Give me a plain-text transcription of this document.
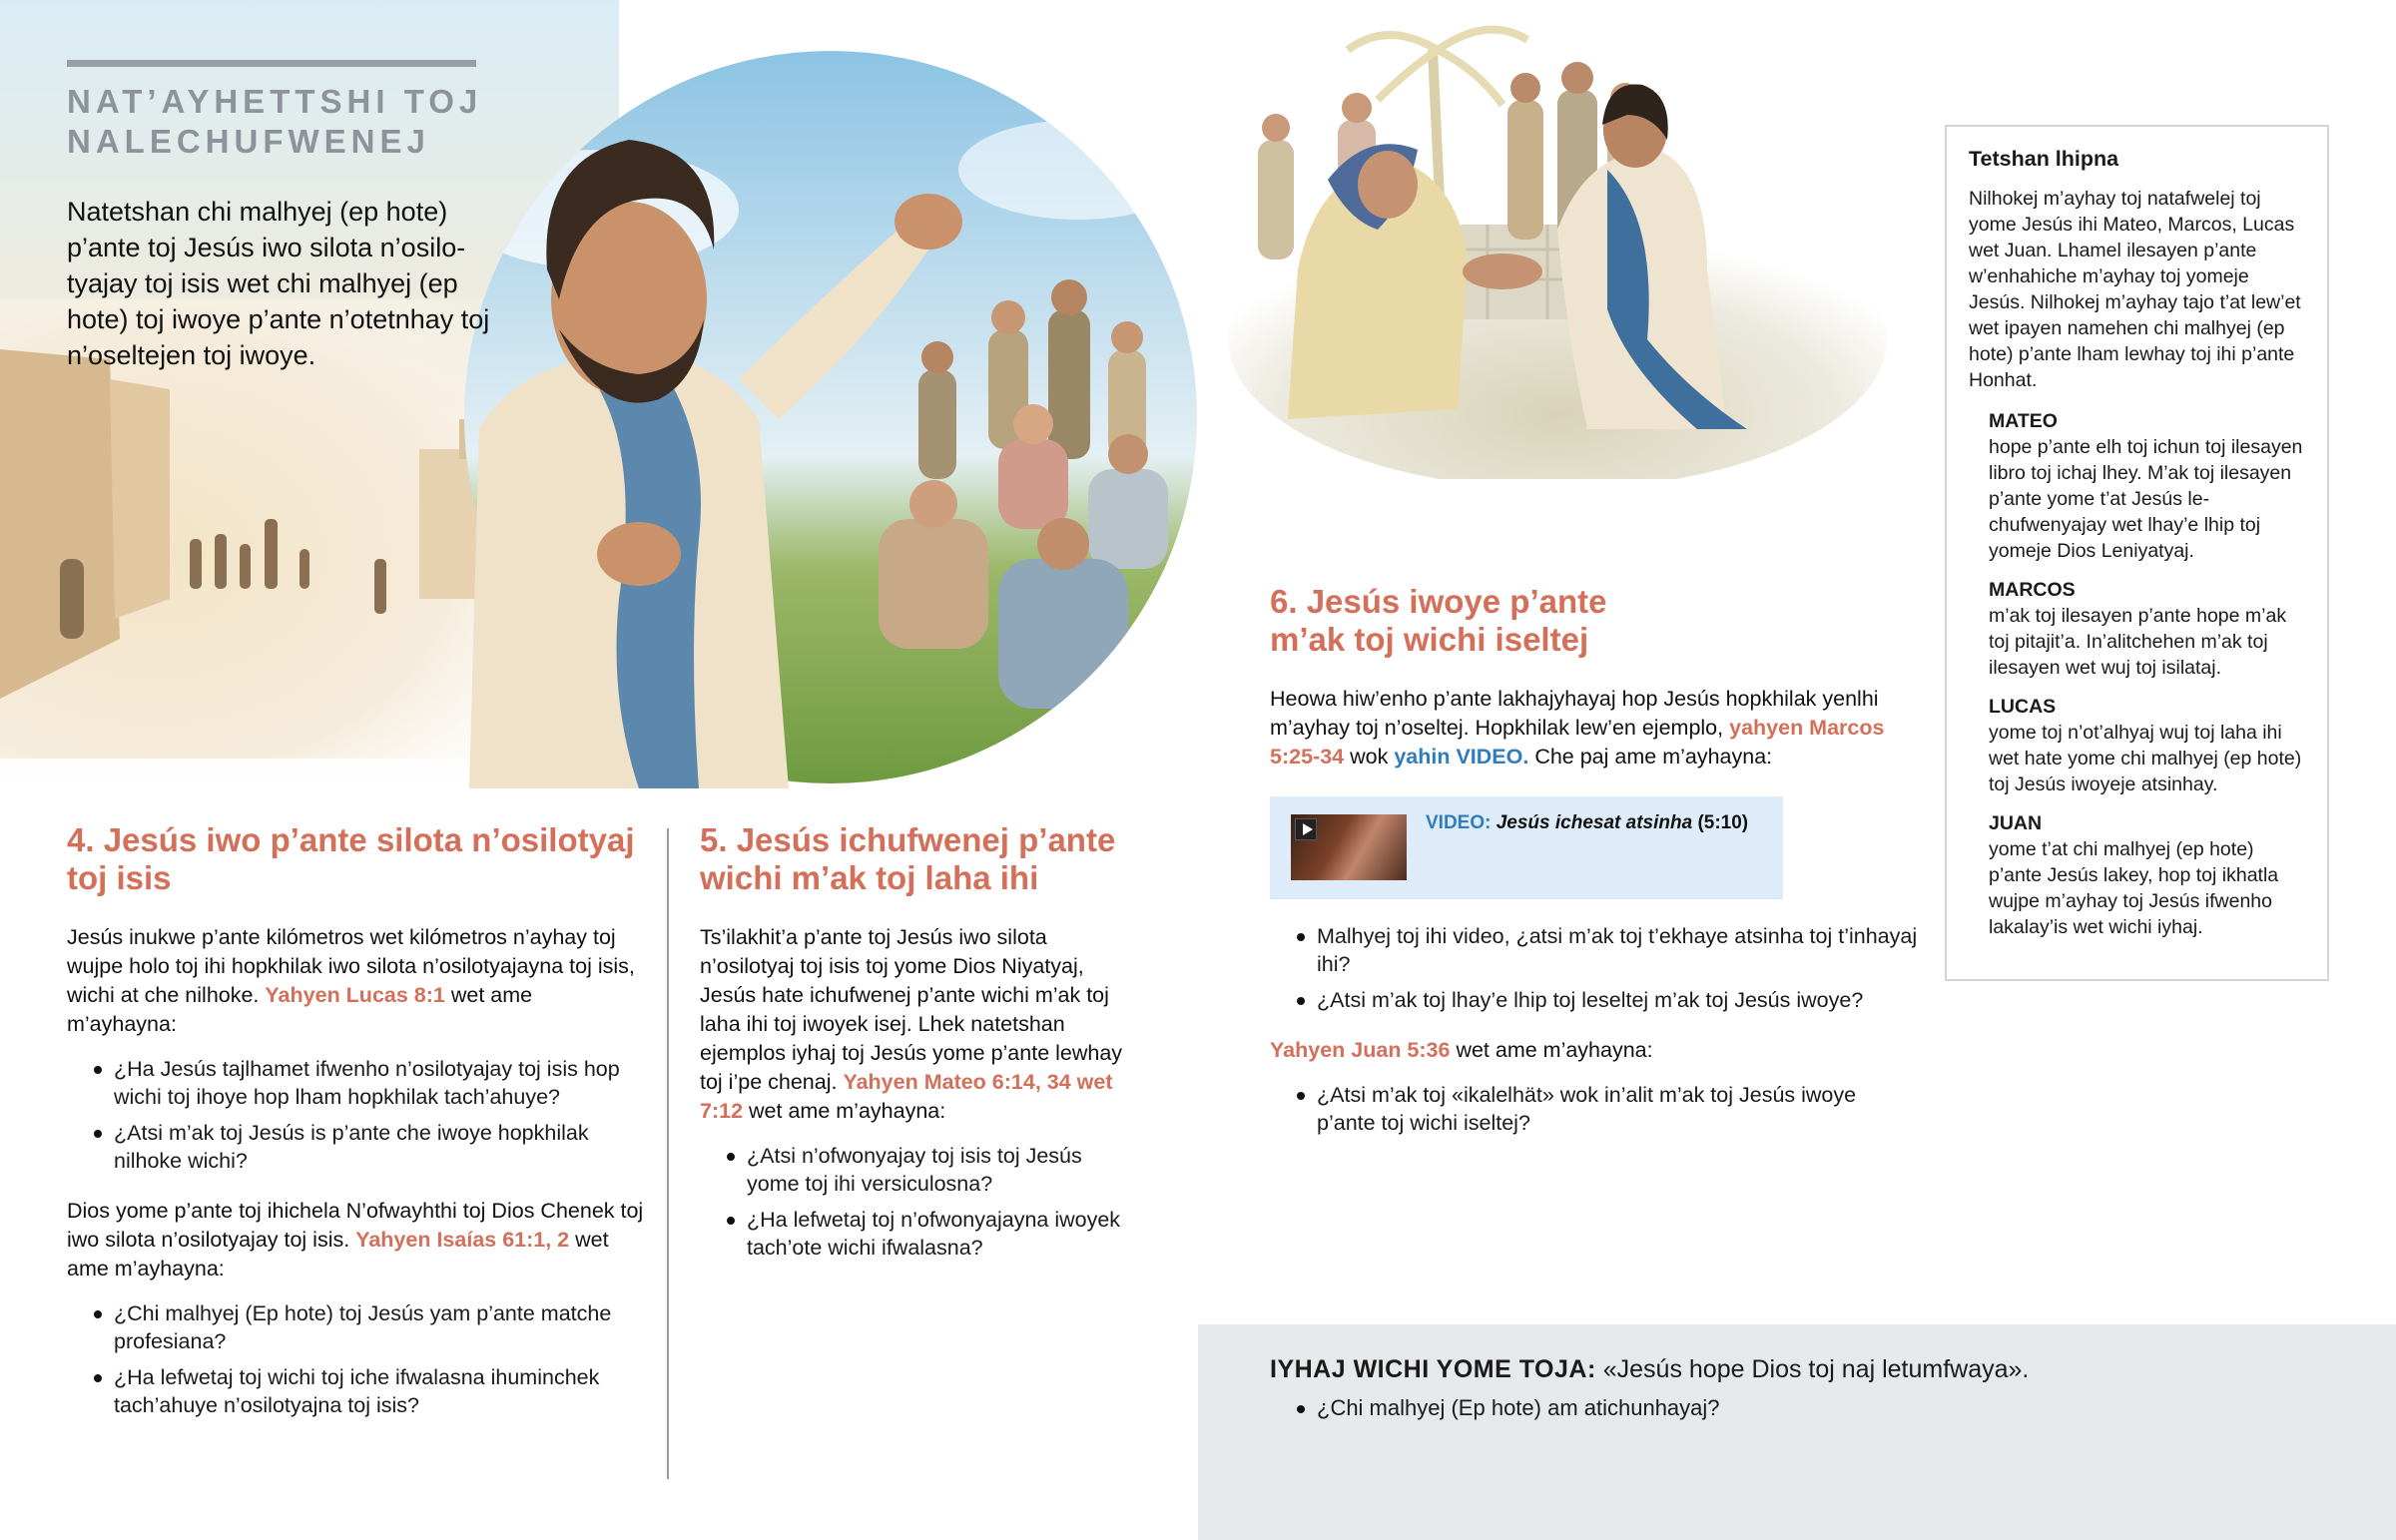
NAT’AYHETTSHI TOJ NALECHUFWENEJ

Natetshan chi malhyej (ep hote) p’ante toj Jesús iwo silota n’osilotyajay toj isis wet chi malhyej (ep hote) toj iwoye p’ante n’otetnhay toj n’oseltejen toj iwoye.

4. Jesús iwo p’ante silota n’osilotyaj toj isis

Jesús inukwe p’ante kilómetros wet kilómetros n’ayhay toj wujpe holo toj ihi hopkhilak iwo silota n’osilotyajayna toj isis, wichi at che nilhoke. Yahyen Lucas 8:1 wet ame m’ayhayna:

¿Ha Jesús tajlhamet ifwenho n’osilotyajay toj isis hop wichi toj ihoye hop lham hopkhilak tach’ahuye?
¿Atsi m’ak toj Jesús is p’ante che iwoye hopkhilak nilhoke wichi?

Dios yome p’ante toj ihichela N’ofwayhthi toj Dios Chenek toj iwo silota n’osilotyajay toj isis. Yahyen Isaías 61:1, 2 wet ame m’ayhayna:

¿Chi malhyej (Ep hote) toj Jesús yam p’ante matche profesiana?
¿Ha lefwetaj toj wichi toj iche ifwalasna ihuminchek tach’ahuye n’osilotyajna toj isis?
5. Jesús ichufwenej p’ante wichi m’ak toj laha ihi

Ts’ilakhit’a p’ante toj Jesús iwo silota n’osilotyaj toj isis toj yome Dios Niyatyaj, Jesús hate ichufwenej p’ante wichi m’ak toj laha ihi toj iwoyek isej. Lhek natetshan ejemplos iyhaj toj Jesús yome p’ante lewhay toj i’pe chenaj. Yahyen Mateo 6:14, 34 wet 7:12 wet ame m’ayhayna:

¿Atsi n’ofwonyajay toj isis toj Jesús yome toj ihi versiculosna?
¿Ha lefwetaj toj n’ofwonyajayna iwoyek tach’ote wichi ifwalasna?
6. Jesús iwoye p’ante m’ak toj wichi iseltej

Heowa hiw’enho p’ante lakhajyhayaj hop Jesús hopkhilak yenlhi m’ayhay toj n’oseltej. Hopkhilak lew’en ejemplo, yahyen Marcos 5:25-34 wok yahin VIDEO. Che paj ame m’ayhayna:

VIDEO: Jesús ichesat atsinha (5:10)
Malhyej toj ihi video, ¿atsi m’ak toj t’ekhaye atsinha toj t’inhayaj ihi?
¿Atsi m’ak toj lhay’e lhip toj leseltej m’ak toj Jesús iwoye?

Yahyen Juan 5:36 wet ame m’ayhayna:

¿Atsi m’ak toj «ikalelhät» wok in’alit m’ak toj Jesús iwoye p’ante toj wichi iseltej?
Tetshan lhipna

Nilhokej m’ayhay toj natafwelej toj yome Jesús ihi Mateo, Marcos, Lucas wet Juan. Lhamel ilesayen p’ante w’enhahiche m’ayhay toj yomeje Jesús. Nilhokej m’ayhay tajo t’at lew’et wet ipayen namehen chi malhyej (ep hote) p’ante lham lewhay toj ihi p’ante Honhat.

MATEO
hope p’ante elh toj ichun toj ilesayen libro toj ichaj lhey. M’ak toj ilesayen p’ante yome t’at Jesús lechufwenyajay wet lhay’e lhip toj yomeje Dios Leniyatyaj.
MARCOS
m’ak toj ilesayen p’ante hope m’ak toj pitajit’a. In’alitchehen m’ak toj ilesayen wet wuj toj isilataj.
LUCAS
yome toj n’ot’alhyaj wuj toj laha ihi wet hate yome chi malhyej (ep hote) toj Jesús iwoyeje atsinhay.
JUAN
yome t’at chi malhyej (ep hote) p’ante Jesús lakey, hop toj ikhatla wujpe m’ayhay toj Jesús ifwenho lakalay’is wet wichi iyhaj.

IYHAJ WICHI YOME TOJA: «Jesús hope Dios toj naj letumfwaya».

¿Chi malhyej (Ep hote) am atichunhayaj?
